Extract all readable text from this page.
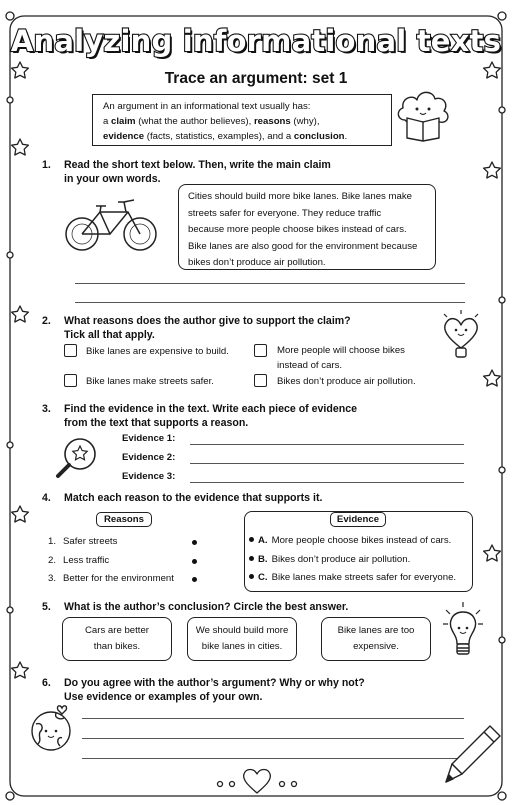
Analyzing informational texts
Trace an argument: set 1
An argument in an informational text usually has:
a claim (what the author believes), reasons (why),
evidence (facts, statistics, examples), and a conclusion.
1.	Read the short text below. Then, write the main claim
in your own words.
Cities should build more bike lanes. Bike lanes make
streets safer for everyone. They reduce traffic
because more people choose bikes instead of cars.
Bike lanes are also good for the environment because
bikes don’t produce air pollution.
2.	What reasons does the author give to support the claim?
Tick all that apply.
Bike lanes are expensive to build.	More people will choose bikes
instead of cars.
Bike lanes make streets safer.	Bikes don’t produce air pollution.
3.	Find the evidence in the text. Write each piece of evidence
from the text that supports a reason.
Evidence 1:
Evidence 2:
Evidence 3:
4.	Match each reason to the evidence that supports it.
Reasons	Evidence
1. Safer streets
2. Less traffic
3. Better for the environment
A. More people choose bikes instead of cars.
B. Bikes don’t produce air pollution.
C. Bike lanes make streets safer for everyone.
5.	What is the author’s conclusion? Circle the best answer.
Cars are better
than bikes.
We should build more
bike lanes in cities.
Bike lanes are too
expensive.
6.	Do you agree with the author’s argument? Why or why not?
Use evidence or examples of your own.
